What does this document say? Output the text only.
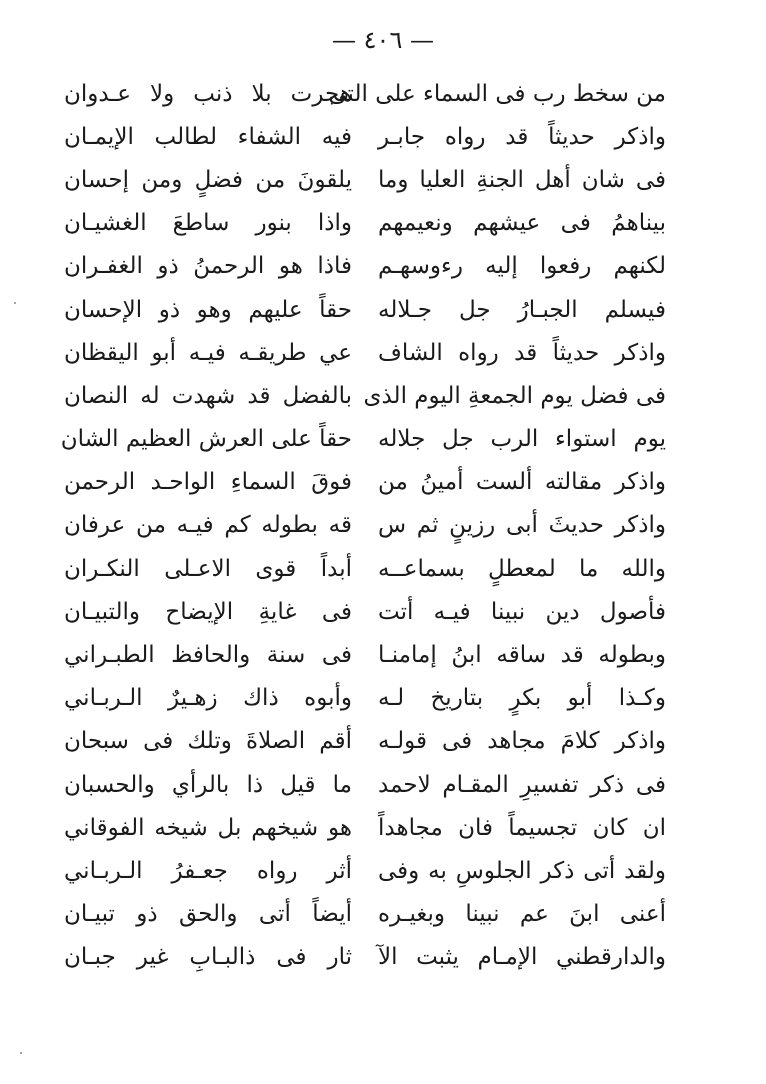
— ٤٠٦ —
من سخط رب فى السماء على التى
هجرت بلا ذنب ولا عـدوان
واذكر حديثاً قد رواه جابـر
فيه الشفاء لطالب الإيمـان
فى شان أهل الجنةِ العليا وما
يلقونَ من فضلٍ ومن إحسان
بيناهمُ فى عيشهم ونعيمهم
واذا بنور ساطعَ الغشيـان
لكنهم رفعوا إليه رءوسهـم
فاذا هو الرحمنُ ذو الغفـران
فيسلم الجبـارُ جل جـلاله
حقاً عليهم وهو ذو الإحسان
واذكر حديثاً قد رواه الشاف
عي طريقـه فيـه أبو اليقظان
فى فضل يوم الجمعةِ اليوم الذى
بالفضل قد شهدت له النصان
يوم استواء الرب جل جلاله
حقاً على العرش العظيم الشان
واذكر مقالته ألست أمينُ من
فوقَ السماءِ الواحـد الرحمن
واذكر حديثَ أبى رزينٍ ثم س
قه بطوله كم فيـه من عرفان
والله ما لمعطلٍ بسماعــه
أبداً قوى الاعـلى النكـران
فأصول دين نبينا فيـه أتت
فى غايةِ الإيضاح والتبيـان
وبطوله قد ساقه ابنُ إمامنـا
فى سنة والحافظ الطبـراني
وكـذا أبو بكرٍ بتاريخ لـه
وأبوه ذاك زهـيرٌ الـربـاني
واذكر كلامَ مجاهد فى قولـه
أقم الصلاةَ وتلك فى سبحان
فى ذكر تفسيرِ المقـام لاحمد
ما قيل ذا بالرأي والحسبان
ان كان تجسيماً فان مجاهداً
هو شيخهم بل شيخه الفوقاني
ولقد أتى ذكر الجلوسِ به وفى
أثر رواه جعـفرُ الـربـاني
أعنى ابنَ عم نبينا وبغيـره
أيضاً أتى والحق ذو تبيـان
والدارقطني الإمـام يثبت الآ
ثار فى ذالبـابِ غير جبـان
